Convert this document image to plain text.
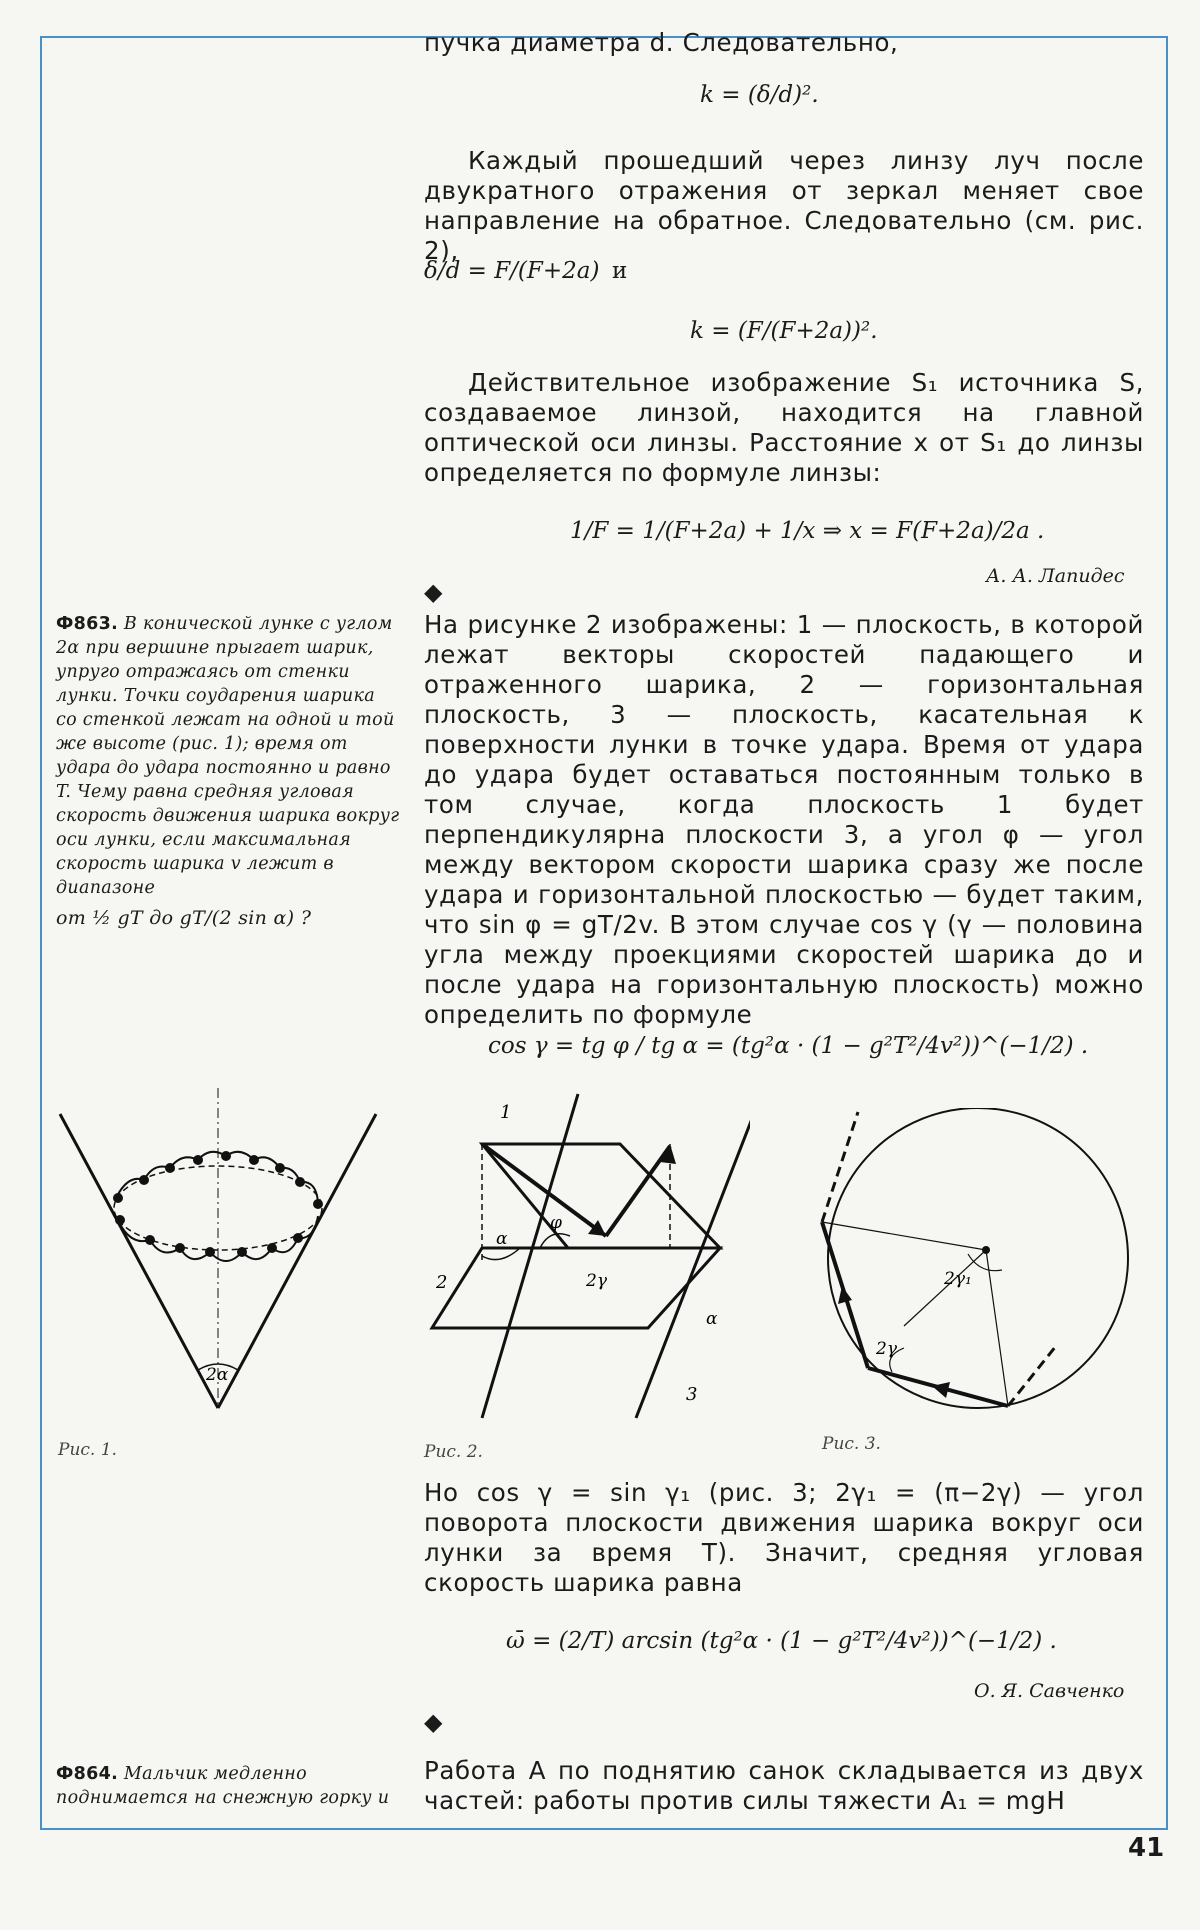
пучка диаметра d. Следовательно,

k = (δ/d)².

Каждый прошедший через линзу луч после двукратного отражения от зеркал меняет свое направление на обратное. Следовательно (см. рис. 2),

δ/d = F/(F+2a) и
k = (F/(F+2a))².

Действительное изображение S₁ источника S, создаваемое линзой, находится на главной оптической оси линзы. Расстояние x от S₁ до линзы определяется по формуле линзы:

1/F = 1/(F+2a) + 1/x ⇒ x = F(F+2a)/2a .
А. А. Лапидес
◆
Ф863. В конической лунке с углом 2α при вершине прыгает шарик, упруго отражаясь от стенки лунки. Точки соударения шарика со стенкой лежат на одной и той же высоте (рис. 1); время от удара до удара постоянно и равно T. Чему равна средняя угловая скорость движения шарика вокруг оси лунки, если максимальная скорость шарика v лежит в диапазоне
от ½ gT до gT/(2 sin α) ?

На рисунке 2 изображены: 1 — плоскость, в которой лежат векторы скоростей падающего и отраженного шарика, 2 — горизонтальная плоскость, 3 — плоскость, касательная к поверхности лунки в точке удара. Время от удара до удара будет оставаться постоянным только в том случае, когда плоскость 1 будет перпендикулярна плоскости 3, а угол φ — угол между вектором скорости шарика сразу же после удара и горизонтальной плоскостью — будет таким, что sin φ = gT/2v. В этом случае cos γ (γ — половина угла между проекциями скоростей шарика до и после удара на горизонтальную плоскость) можно определить по формуле

cos γ = tg φ / tg α = (tg²α · (1 − g²T²/4v²))^(−1/2) .
2α
Рис. 1.
1
2
3
α
φ
2γ
α
Рис. 2.
2γ₁
2γ
Рис. 3.

Но cos γ = sin γ₁ (рис. 3; 2γ₁ = (π−2γ) — угол поворота плоскости движения шарика вокруг оси лунки за время T). Значит, средняя угловая скорость шарика равна

ω̄ = (2/T) arcsin (tg²α · (1 − g²T²/4v²))^(−1/2) .
О. Я. Савченко
◆
Ф864. Мальчик медленно поднимается на снежную горку и

Работа A по поднятию санок складывается из двух частей: работы против силы тяжести A₁ = mgH

41
